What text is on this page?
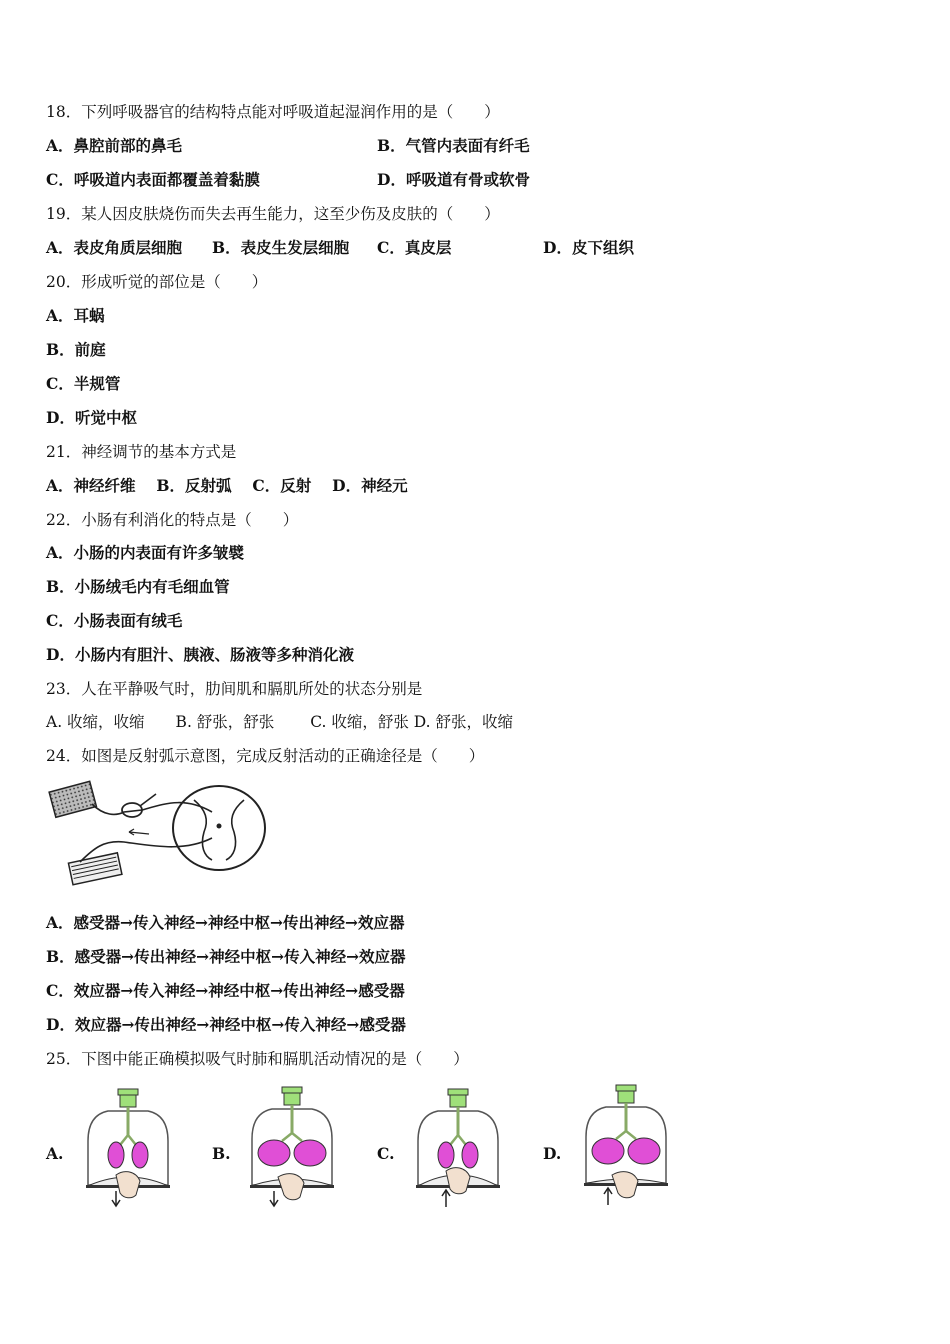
18．下列呼吸器官的结构特点能对呼吸道起湿润作用的是（　　）
A．鼻腔前部的鼻毛	B．气管内表面有纤毛
C．呼吸道内表面都覆盖着黏膜	D．呼吸道有骨或软骨
19．某人因皮肤烧伤而失去再生能力，这至少伤及皮肤的（　　）
A．表皮角质层细胞 B．表皮生发层细胞 C．真皮层	D．皮下组织
20．形成听觉的部位是（　　）
A．耳蜗
B．前庭
C．半规管
D．听觉中枢
21．神经调节的基本方式是
A．神经纤维　 B．反射弧　 C．反射　 D．神经元
22．小肠有利消化的特点是（　　）
A．小肠的内表面有许多皱襞
B．小肠绒毛内有毛细血管
C．小肠表面有绒毛
D．小肠内有胆汁、胰液、肠液等多种消化液
23．人在平静吸气时，肋间肌和膈肌所处的状态分别是
A. 收缩，收缩　　B. 舒张，舒张　　 C. 收缩，舒张 D. 舒张，收缩
24．如图是反射弧示意图，完成反射活动的正确途径是（　　）
A．感受器→传入神经→神经中枢→传出神经→效应器
B．感受器→传出神经→神经中枢→传入神经→效应器
C．效应器→传入神经→神经中枢→传出神经→感受器
D．效应器→传出神经→神经中枢→传入神经→感受器
25．下图中能正确模拟吸气时肺和膈肌活动情况的是（　　）
A.	B.	C.	D.
